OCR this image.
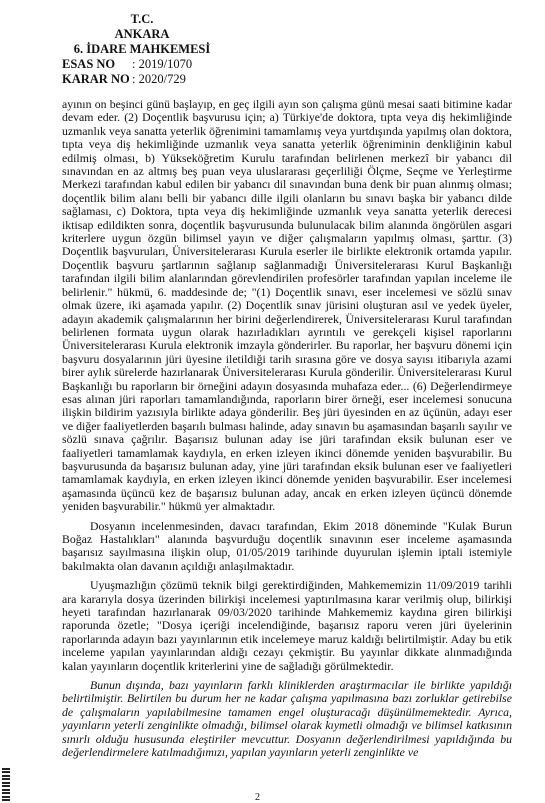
T.C.
ANKARA
6. İDARE MAHKEMESİ
ESAS NO	: 2019/1070
KARAR NO : 2020/729

ayının on beşinci günü başlayıp, en geç ilgili ayın son çalışma günü mesai saati bitimine kadar devam eder. (2) Doçentlik başvurusu için; a) Türkiye'de doktora, tıpta veya diş hekimliğinde uzmanlık veya sanatta yeterlik öğrenimini tamamlamış veya yurtdışında yapılmış olan doktora, tıpta veya diş hekimliğinde uzmanlık veya sanatta yeterlik öğreniminin denkliğinin kabul edilmiş olması, b) Yükseköğretim Kurulu tarafından belirlenen merkezî bir yabancı dil sınavından en az altmış beş puan veya uluslararası geçerliliği Ölçme, Seçme ve Yerleştirme Merkezi tarafından kabul edilen bir yabancı dil sınavından buna denk bir puan alınmış olması; doçentlik bilim alanı belli bir yabancı dille ilgili olanların bu sınavı başka bir yabancı dilde sağlaması, c) Doktora, tıpta veya diş hekimliğinde uzmanlık veya sanatta yeterlik derecesi iktisap edildikten sonra, doçentlik başvurusunda bulunulacak bilim alanında öngörülen asgari kriterlere uygun özgün bilimsel yayın ve diğer çalışmaların yapılmış olması, şarttır. (3) Doçentlik başvuruları, Üniversitelerarası Kurula eserler ile birlikte elektronik ortamda yapılır. Doçentlik başvuru şartlarının sağlanıp sağlanmadığı Üniversitelerarası Kurul Başkanlığı tarafından ilgili bilim alanlarından görevlendirilen profesörler tarafından yapılan inceleme ile belirlenir." hükmü, 6. maddesinde de; "(1) Doçentlik sınavı, eser incelemesi ve sözlü sınav olmak üzere, iki aşamada yapılır. (2) Doçentlik sınav jürisini oluşturan asıl ve yedek üyeler, adayın akademik çalışmalarının her birini değerlendirerek, Üniversitelerarası Kurul tarafından belirlenen formata uygun olarak hazırladıkları ayrıntılı ve gerekçeli kişisel raporlarını Üniversitelerarası Kurula elektronik imzayla gönderirler. Bu raporlar, her başvuru dönemi için başvuru dosyalarının jüri üyesine iletildiği tarih sırasına göre ve dosya sayısı itibarıyla azami birer aylık sürelerde hazırlanarak Üniversitelerarası Kurula gönderilir. Üniversitelerarası Kurul Başkanlığı bu raporların bir örneğini adayın dosyasında muhafaza eder... (6) Değerlendirmeye esas alınan jüri raporları tamamlandığında, raporların birer örneği, eser incelemesi sonucuna ilişkin bildirim yazısıyla birlikte adaya gönderilir. Beş jüri üyesinden en az üçünün, adayı eser ve diğer faaliyetlerden başarılı bulması halinde, aday sınavın bu aşamasından başarılı sayılır ve sözlü sınava çağrılır. Başarısız bulunan aday ise jüri tarafından eksik bulunan eser ve faaliyetleri tamamlamak kaydıyla, en erken izleyen ikinci dönemde yeniden başvurabilir. Bu başvurusunda da başarısız bulunan aday, yine jüri tarafından eksik bulunan eser ve faaliyetleri tamamlamak kaydıyla, en erken izleyen ikinci dönemde yeniden başvurabilir. Eser incelemesi aşamasında üçüncü kez de başarısız bulunan aday, ancak en erken izleyen üçüncü dönemde yeniden başvurabilir." hükmü yer almaktadır.

Dosyanın incelenmesinden, davacı tarafından, Ekim 2018 döneminde "Kulak Burun Boğaz Hastalıkları" alanında başvurduğu doçentlik sınavının eser inceleme aşamasında başarısız sayılmasına ilişkin olup, 01/05/2019 tarihinde duyurulan işlemin iptali istemiyle bakılmakta olan davanın açıldığı anlaşılmaktadır.

Uyuşmazlığın çözümü teknik bilgi gerektirdiğinden, Mahkememizin 11/09/2019 tarihli ara kararıyla dosya üzerinden bilirkişi incelemesi yaptırılmasına karar verilmiş olup, bilirkişi heyeti tarafından hazırlanarak 09/03/2020 tarihinde Mahkememiz kaydına giren bilirkişi raporunda özetle; "Dosya içeriği incelendiğinde, başarısız raporu veren jüri üyelerinin raporlarında adayın bazı yayınlarının etik incelemeye maruz kaldığı belirtilmiştir. Aday bu etik inceleme yapılan yayınlarından aldığı cezayı çekmiştir. Bu yayınlar dikkate alınmadığında kalan yayınların doçentlik kriterlerini yine de sağladığı görülmektedir.

Bunun dışında, bazı yayınların farklı kliniklerden araştırmacılar ile birlikte yapıldığı belirtilmiştir. Belirtilen bu durum her ne kadar çalışma yapılmasına bazı zorluklar getirebilse de çalışmaların yapılabilmesine tamamen engel oluşturacağı düşünülmemektedir. Ayrıca, yayınların yeterli zenginlikte olmadığı, bilimsel olarak kıymetli olmadığı ve bilimsel katkısının sınırlı olduğu hususunda eleştiriler mevcuttur. Dosyanın değerlendirilmesi yapıldığında bu değerlendirmelere katılmadığımızı, yapılan yayınların yeterli zenginlikte ve

2
